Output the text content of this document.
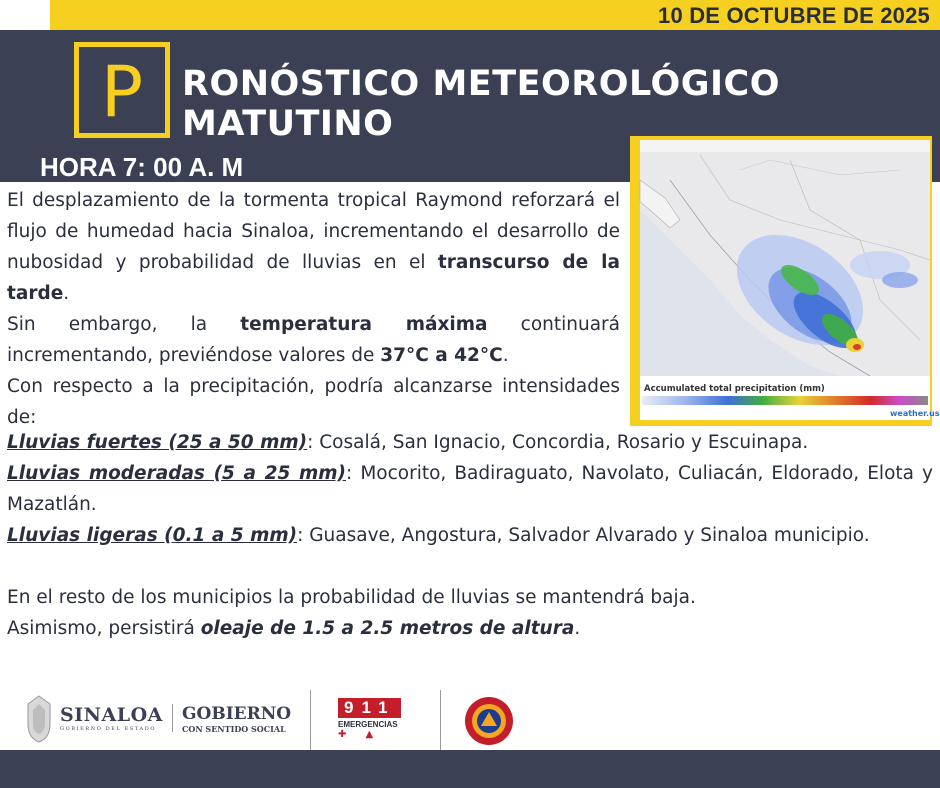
10 DE OCTUBRE DE 2025
P	RONÓSTICO METEOROLÓGICO
MATUTINO
HORA 7: 00 A. M
Accumulated total precipitation (mm)
weather.us
El desplazamiento de la tormenta tropical Raymond reforzará el flujo de humedad hacia Sinaloa, incrementando el desarrollo de nubosidad y probabilidad de lluvias en el transcurso de la tarde.
Sin embargo, la temperatura máxima continuará incrementando, previéndose valores de 37°C a 42°C.
Con respecto a la precipitación, podría alcanzarse intensidades de:
Lluvias fuertes (25 a 50 mm): Cosalá, San Ignacio, Concordia, Rosario y Escuinapa.
Lluvias moderadas (5 a 25 mm): Mocorito, Badiraguato, Navolato, Culiacán, Eldorado, Elota y Mazatlán.
Lluvias ligeras (0.1 a 5 mm): Guasave, Angostura, Salvador Alvarado y Sinaloa municipio.
En el resto de los municipios la probabilidad de lluvias se mantendrá baja.
Asimismo, persistirá oleaje de 1.5 a 2.5 metros de altura.
SINALOA
GOBIERNO DEL ESTADO
GOBIERNO
CON SENTIDO SOCIAL
911
EMERGENCIAS
✚ ▲
